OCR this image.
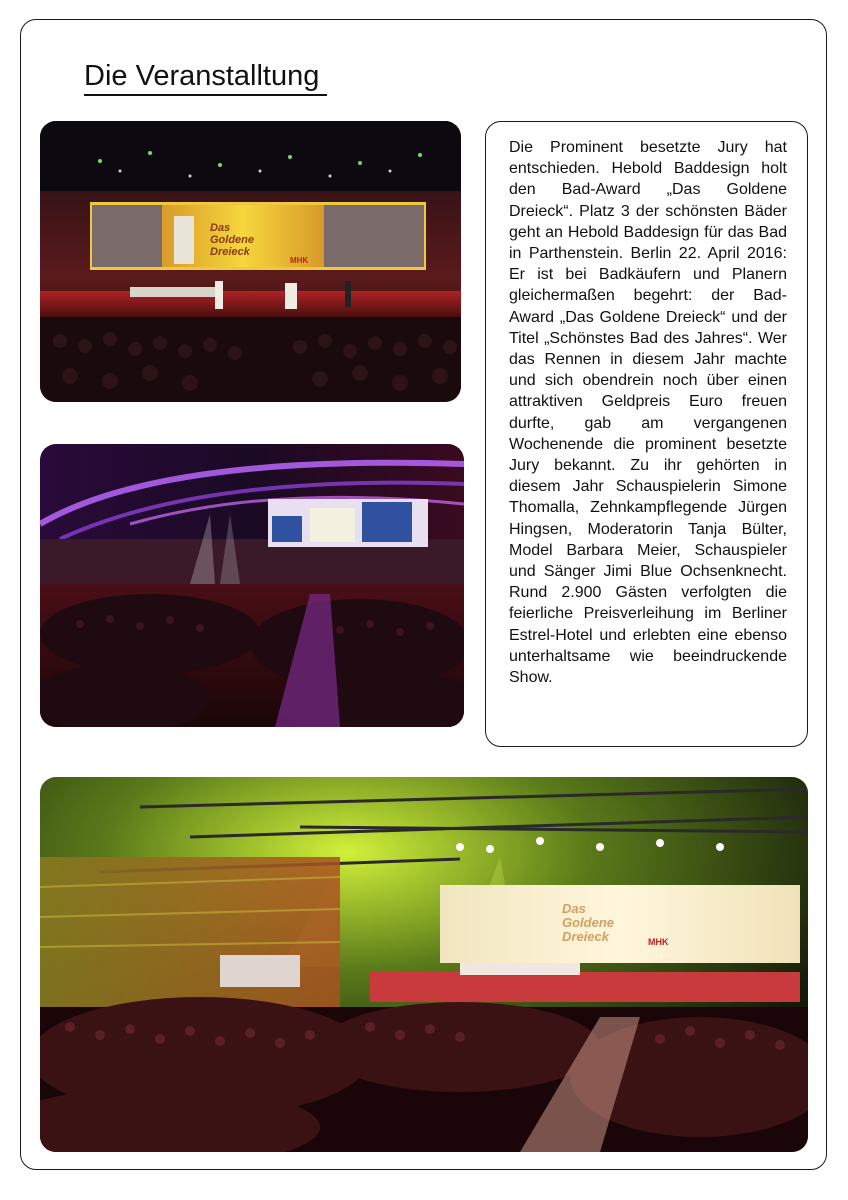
Die Veranstalltung
Das
Goldene
Dreieck
MHK

Die Prominent besetzte Jury hat entschieden. Hebold Baddesign holt den Bad-Award „Das Goldene Dreieck“. Platz 3 der schönsten Bäder geht an Hebold Baddesign für das Bad in Parthenstein. Berlin 22. April 2016: Er ist bei Badkäufern und Planern gleichermaßen begehrt: der Bad-Award „Das Goldene Dreieck“ und der Titel „Schönstes Bad des Jahres“. Wer das Rennen in diesem Jahr machte und sich obendrein noch über einen attraktiven Geldpreis Euro freuen durfte, gab am vergangenen Wochenende die prominent besetzte Jury bekannt. Zu ihr gehörten in diesem Jahr Schauspielerin Simone Thomalla, Zehnkampflegende Jürgen Hingsen, Moderatorin Tanja Bülter, Model Barbara Meier, Schauspieler und Sänger Jimi Blue Ochsenknecht. Rund 2.900 Gästen verfolgten die feierliche Preisverleihung im Berliner Estrel-Hotel und erlebten eine ebenso unterhaltsame wie beeindruckende Show.

Das
Goldene
Dreieck	MHK
